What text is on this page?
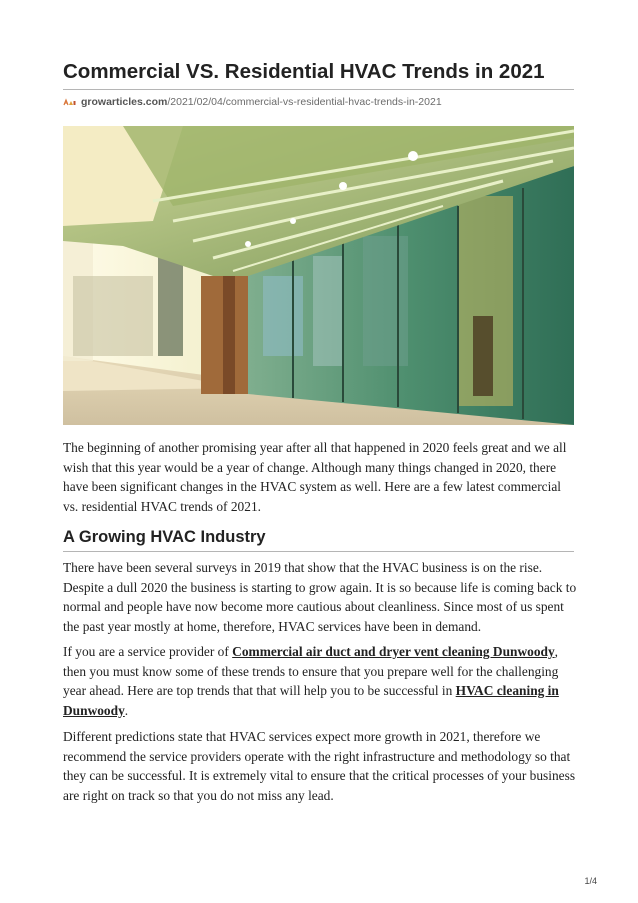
Commercial VS. Residential HVAC Trends in 2021
growarticles.com/2021/02/04/commercial-vs-residential-hvac-trends-in-2021

The beginning of another promising year after all that happened in 2020 feels great and we all wish that this year would be a year of change. Although many things changed in 2020, there have been significant changes in the HVAC system as well. Here are a few latest commercial vs. residential HVAC trends of 2021.

A Growing HVAC Industry

There have been several surveys in 2019 that show that the HVAC business is on the rise. Despite a dull 2020 the business is starting to grow again. It is so because life is coming back to normal and people have now become more cautious about cleanliness. Since most of us spent the past year mostly at home, therefore, HVAC services have been in demand.

If you are a service provider of Commercial air duct and dryer vent cleaning Dunwoody, then you must know some of these trends to ensure that you prepare well for the challenging year ahead. Here are top trends that that will help you to be successful in HVAC cleaning in Dunwoody.

Different predictions state that HVAC services expect more growth in 2021, therefore we recommend the service providers operate with the right infrastructure and methodology so that they can be successful. It is extremely vital to ensure that the critical processes of your business are right on track so that you do not miss any lead.

1/4
